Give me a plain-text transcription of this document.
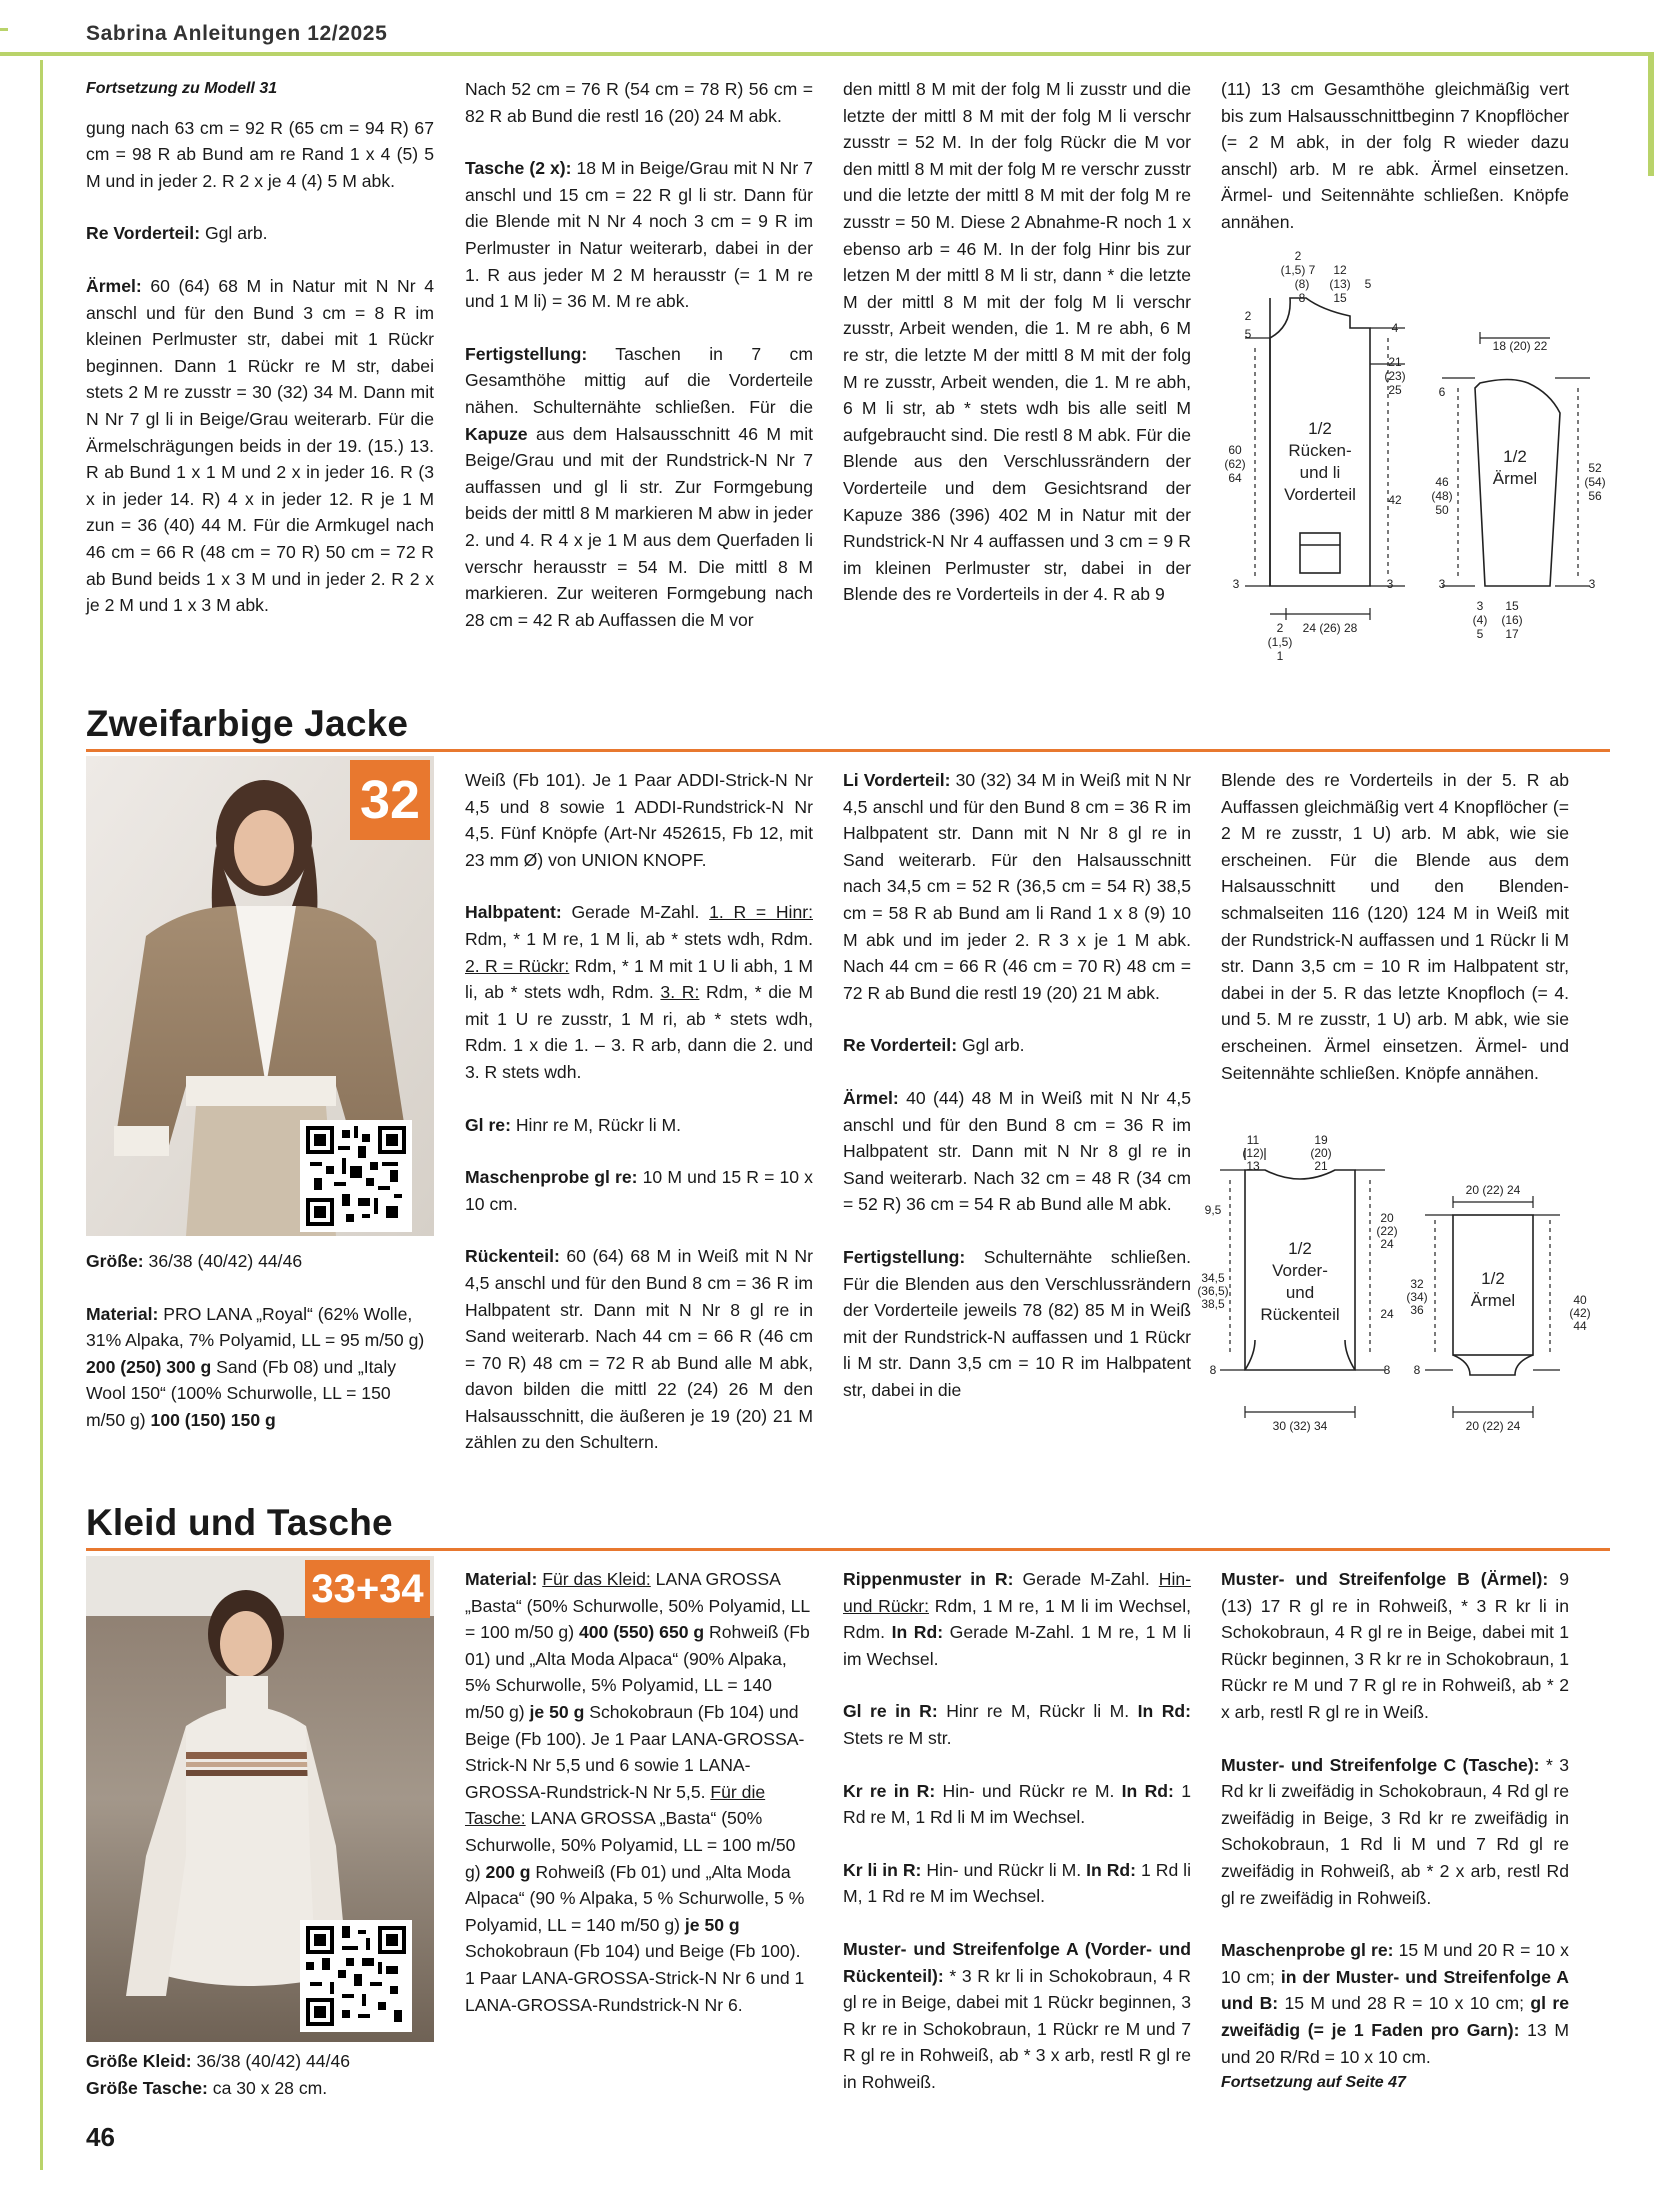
Sabrina Anleitungen 12/2025

Fortsetzung zu Modell 31

gung nach 63 cm = 92 R (65 cm = 94 R) 67 cm = 98 R ab Bund am re Rand 1 x 4 (5) 5 M und in jeder 2. R 2 x je 4 (4) 5 M abk.

Re Vorderteil: Ggl arb.

Ärmel: 60 (64) 68 M in Natur mit N Nr 4 anschl und für den Bund 3 cm = 8 R im kleinen Perlmuster str, dabei mit 1 Rückr beginnen. Dann 1 Rückr re M str, dabei stets 2 M re zusstr = 30 (32) 34 M. Dann mit N Nr 7 gl li in Beige/Grau weiterarb. Für die Ärmelschrägungen beids in der 19. (15.) 13. R ab Bund 1 x 1 M und 2 x in jeder 16. R (3 x in jeder 14. R) 4 x in jeder 12. R je 1 M zun = 36 (40) 44 M. Für die Armkugel nach 46 cm = 66 R (48 cm = 70 R) 50 cm = 72 R ab Bund beids 1 x 3 M und in jeder 2. R 2 x je 2 M und 1 x 3 M abk.

Nach 52 cm = 76 R (54 cm = 78 R) 56 cm = 82 R ab Bund die restl 16 (20) 24 M abk.

Tasche (2 x): 18 M in Beige/Grau mit N Nr 7 anschl und 15 cm = 22 R gl li str. Dann für die Blende mit N Nr 4 noch 3 cm = 9 R im Perlmuster in Natur weiterarb, dabei in der 1. R aus jeder M 2 M herausstr (= 1 M re und 1 M li) = 36 M. M re abk.

Fertigstellung: Taschen in 7 cm Gesamthöhe mittig auf die Vorderteile nähen. Schulternähte schließen. Für die Kapuze aus dem Halsausschnitt 46 M mit Beige/Grau und mit der Rundstrick-N Nr 7 auffassen und gl li str. Zur Formgebung beids der mittl 8 M markieren M abw in jeder 2. und 4. R 4 x je 1 M aus dem Querfaden li verschr herausstr = 54 M. Die mittl 8 M markieren. Zur weiteren Formgebung nach 28 cm = 42 R ab Auffassen die M vor

den mittl 8 M mit der folg M li zusstr und die letzte der mittl 8 M mit der folg M li verschr zusstr = 52 M. In der folg Rückr die M vor den mittl 8 M mit der folg M re verschr zusstr und die letzte der mittl 8 M mit der folg M re zusstr = 50 M. Diese 2 Abnahme-R noch 1 x ebenso arb = 46 M. In der folg Hinr bis zur letzen M der mittl 8 M li str, dann * die letzte M der mittl 8 M mit der folg M li verschr zusstr, Arbeit wenden, die 1. M re abh, 6 M re str, die letzte M der mittl 8 M mit der folg M re zusstr, Arbeit wenden, die 1. M re abh, 6 M li str, ab * stets wdh bis alle seitl M aufgebraucht sind. Die restl 8 M abk. Für die Blende aus den Verschlussrändern der Vorderteile und dem Gesichtsrand der Kapuze 386 (396) 402 M in Natur mit der Rundstrick-N Nr 4 auffassen und 3 cm = 9 R im kleinen Perlmuster str, dabei in der Blende des re Vorderteils in der 4. R ab 9

(11) 13 cm Gesamthöhe gleichmäßig vert bis zum Halsausschnittbeginn 7 Knopflöcher (= 2 M abk, in der folg R wieder dazu anschl) arb. M re abk. Ärmel einsetzen. Ärmel- und Seitennähte schließen. Knöpfe annähen.

2
(1,5) 7
(8)
8
12
(13)
15
5
2
5
60
(62)
64
1/2
Rücken-
und li
Vorderteil
4
21
(23)
25
42
3	3
2 24 (26) 28
(1,5)
1
18 (20) 22
6
46
(48)
50
1/2
Ärmel
52
(54)
56
3	3
3
(4)
5
15
(16)
17
Zweifarbige Jacke
32

Größe: 36/38 (40/42) 44/46

Material: PRO LANA „Royal“ (62% Wolle, 31% Alpaka, 7% Polyamid, LL = 95 m/50 g) 200 (250) 300 g Sand (Fb 08) und „Italy Wool 150“ (100% Schurwolle, LL = 150 m/50 g) 100 (150) 150 g

Weiß (Fb 101). Je 1 Paar ADDI-Strick-N Nr 4,5 und 8 sowie 1 ADDI-Rundstrick-N Nr 4,5. Fünf Knöpfe (Art-Nr 452615, Fb 12, mit 23 mm Ø) von UNION KNOPF.

Halbpatent: Gerade M-Zahl. 1. R = Hinr: Rdm, * 1 M re, 1 M li, ab * stets wdh, Rdm. 2. R = Rückr: Rdm, * 1 M mit 1 U li abh, 1 M li, ab * stets wdh, Rdm. 3. R: Rdm, * die M mit 1 U re zusstr, 1 M ri, ab * stets wdh, Rdm. 1 x die 1. – 3. R arb, dann die 2. und 3. R stets wdh.

Gl re: Hinr re M, Rückr li M.

Maschenprobe gl re: 10 M und 15 R = 10 x 10 cm.

Rückenteil: 60 (64) 68 M in Weiß mit N Nr 4,5 anschl und für den Bund 8 cm = 36 R im Halbpatent str. Dann mit N Nr 8 gl re in Sand weiterarb. Nach 44 cm = 66 R (46 cm = 70 R) 48 cm = 72 R ab Bund alle M abk, davon bilden die mittl 22 (24) 26 M den Halsausschnitt, die äußeren je 19 (20) 21 M zählen zu den Schultern.

Li Vorderteil: 30 (32) 34 M in Weiß mit N Nr 4,5 anschl und für den Bund 8 cm = 36 R im Halbpatent str. Dann mit N Nr 8 gl re in Sand weiterarb. Für den Halsausschnitt nach 34,5 cm = 52 R (36,5 cm = 54 R) 38,5 cm = 58 R ab Bund am li Rand 1 x 8 (9) 10 M abk und im jeder 2. R 3 x je 1 M abk. Nach 44 cm = 66 R (46 cm = 70 R) 48 cm = 72 R ab Bund die restl 19 (20) 21 M abk.

Re Vorderteil: Ggl arb.

Ärmel: 40 (44) 48 M in Weiß mit N Nr 4,5 anschl und für den Bund 8 cm = 36 R im Halbpatent str. Dann mit N Nr 8 gl re in Sand weiterarb. Nach 32 cm = 48 R (34 cm = 52 R) 36 cm = 54 R ab Bund alle M abk.

Fertigstellung: Schulternähte schließen. Für die Blenden aus den Verschlussrändern der Vorderteile jeweils 78 (82) 85 M in Weiß mit der Rundstrick-N auffassen und 1 Rückr li M str. Dann 3,5 cm = 10 R im Halbpatent str, dabei in die

Blende des re Vorderteils in der 5. R ab Auffassen gleichmäßig vert 4 Knopflöcher (= 2 M re zusstr, 1 U) arb. M abk, wie sie erscheinen. Für die Blende aus dem Halsausschnitt und den Blendenschmalseiten 116 (120) 124 M in Weiß mit der Rundstrick-N auffassen und 1 Rückr li M str. Dann 3,5 cm = 10 R im Halbpatent str, dabei in der 5. R das letzte Knopfloch (= 4. und 5. M re zusstr, 1 U) arb. M abk, wie sie erscheinen. Ärmel einsetzen. Ärmel- und Seitennähte schließen. Knöpfe annähen.

11
(12)
13
19
(20)
21
9,5
34,5
(36,5)
38,5
8
1/2
Vorder-
und
Rückenteil
20
(22)
24
24
8
30 (32) 34
20 (22) 24
32
(34)
36
8
1/2
Ärmel	40
(42)
44
20 (22) 24
Kleid und Tasche
33+34

Größe Kleid: 36/38 (40/42) 44/46

Größe Tasche: ca 30 x 28 cm.

Material: Für das Kleid: LANA GROSSA „Basta“ (50% Schurwolle, 50% Polyamid, LL = 100 m/50 g) 400 (550) 650 g Rohweiß (Fb 01) und „Alta Moda Alpaca“ (90% Alpaka, 5% Schurwolle, 5% Polyamid, LL = 140 m/50 g) je 50 g Schokobraun (Fb 104) und Beige (Fb 100). Je 1 Paar LANA-GROSSA-Strick-N Nr 5,5 und 6 sowie 1 LANA-GROSSA-Rundstrick-N Nr 5,5. Für die Tasche: LANA GROSSA „Basta“ (50% Schurwolle, 50% Polyamid, LL = 100 m/50 g) 200 g Rohweiß (Fb 01) und „Alta Moda Alpaca“ (90 % Alpaka, 5 % Schurwolle, 5 % Polyamid, LL = 140 m/50 g) je 50 g Schokobraun (Fb 104) und Beige (Fb 100). 1 Paar LANA-GROSSA-Strick-N Nr 6 und 1 LANA-GROSSA-Rundstrick-N Nr 6.

Rippenmuster in R: Gerade M-Zahl. Hin- und Rückr: Rdm, 1 M re, 1 M li im Wechsel, Rdm. In Rd: Gerade M-Zahl. 1 M re, 1 M li im Wechsel.

Gl re in R: Hinr re M, Rückr li M. In Rd: Stets re M str.

Kr re in R: Hin- und Rückr re M. In Rd: 1 Rd re M, 1 Rd li M im Wechsel.

Kr li in R: Hin- und Rückr li M. In Rd: 1 Rd li M, 1 Rd re M im Wechsel.

Muster- und Streifenfolge A (Vorder- und Rückenteil): * 3 R kr li in Schokobraun, 4 R gl re in Beige, dabei mit 1 Rückr beginnen, 3 R kr re in Schokobraun, 1 Rückr re M und 7 R gl re in Rohweiß, ab * 3 x arb, restl R gl re in Rohweiß.

Muster- und Streifenfolge B (Ärmel): 9 (13) 17 R gl re in Rohweiß, * 3 R kr li in Schokobraun, 4 R gl re in Beige, dabei mit 1 Rückr beginnen, 3 R kr re in Schokobraun, 1 Rückr re M und 7 R gl re in Rohweiß, ab * 2 x arb, restl R gl re in Weiß.

Muster- und Streifenfolge C (Tasche): * 3 Rd kr li zweifädig in Schokobraun, 4 Rd gl re zweifädig in Beige, 3 Rd kr re zweifädig in Schokobraun, 1 Rd li M und 7 Rd gl re zweifädig in Rohweiß, ab * 2 x arb, restl Rd gl re zweifädig in Rohweiß.

Maschenprobe gl re: 15 M und 20 R = 10 x 10 cm; in der Muster- und Streifenfolge A und B: 15 M und 28 R = 10 x 10 cm; gl re zweifädig (= je 1 Faden pro Garn): 13 M und 20 R/Rd = 10 x 10 cm.

Fortsetzung auf Seite 47

46
